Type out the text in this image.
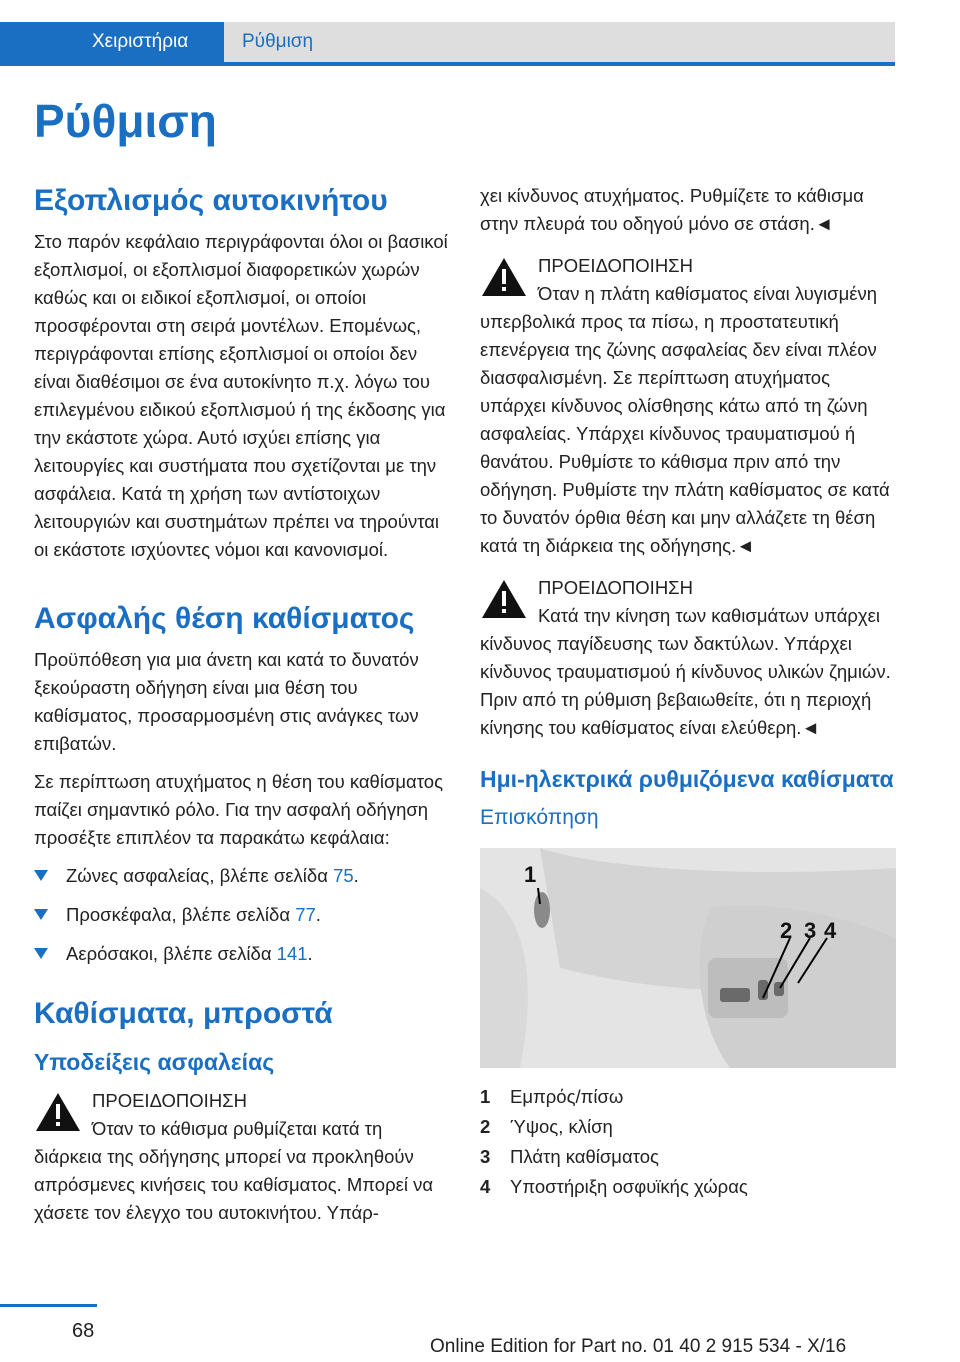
Χειριστήρια	Ρύθμιση
Ρύθμιση
Εξοπλισμός αυτοκινήτου

Στο παρόν κεφάλαιο περιγράφονται όλοι οι βασικοί εξοπλισμοί, οι εξοπλισμοί διαφορετικών χωρών καθώς και οι ειδικοί εξοπλισμοί, οι οποίοι προσφέρονται στη σειρά μοντέλων. Επομένως, περιγράφονται επίσης εξοπλισμοί οι οποίοι δεν είναι διαθέσιμοι σε ένα αυτοκίνητο π.χ. λόγω του επιλεγμένου ειδικού εξοπλισμού ή της έκδοσης για την εκάστοτε χώρα. Αυτό ισχύει επίσης για λειτουργίες και συστήματα που σχετίζονται με την ασφάλεια. Κατά τη χρήση των αντίστοιχων λειτουργιών και συστημάτων πρέπει να τηρούνται οι εκάστοτε ισχύοντες νόμοι και κανονισμοί.

Ασφαλής θέση καθίσματος

Προϋπόθεση για μια άνετη και κατά το δυνατόν ξεκούραστη οδήγηση είναι μια θέση του καθίσματος, προσαρμοσμένη στις ανάγκες των επιβατών.

Σε περίπτωση ατυχήματος η θέση του καθίσματος παίζει σημαντικό ρόλο. Για την ασφαλή οδήγηση προσέξτε επιπλέον τα παρακάτω κεφάλαια:

Ζώνες ασφαλείας, βλέπε σελίδα 75.
Προσκέφαλα, βλέπε σελίδα 77.
Αερόσακοι, βλέπε σελίδα 141.
Καθίσματα, μπροστά
Υποδείξεις ασφαλείας
ΠΡΟΕΙΔΟΠΟΙΗΣΗ

Όταν το κάθισμα ρυθμίζεται κατά τη διάρκεια της οδήγησης μπορεί να προκληθούν απρόσμενες κινήσεις του καθίσματος. Μπορεί να χάσετε τον έλεγχο του αυτοκινήτου. Υπάρ-

χει κίνδυνος ατυχήματος. Ρυθμίζετε το κάθισμα στην πλευρά του οδηγού μόνο σε στάση.◄

ΠΡΟΕΙΔΟΠΟΙΗΣΗ

Όταν η πλάτη καθίσματος είναι λυγισμένη υπερβολικά προς τα πίσω, η προστατευτική επενέργεια της ζώνης ασφαλείας δεν είναι πλέον διασφαλισμένη. Σε περίπτωση ατυχήματος υπάρχει κίνδυνος ολίσθησης κάτω από τη ζώνη ασφαλείας. Υπάρχει κίνδυνος τραυματισμού ή θανάτου. Ρυθμίστε το κάθισμα πριν από την οδήγηση. Ρυθμίστε την πλάτη καθίσματος σε κατά το δυνατόν όρθια θέση και μην αλλάζετε τη θέση κατά τη διάρκεια της οδήγησης.◄

ΠΡΟΕΙΔΟΠΟΙΗΣΗ

Κατά την κίνηση των καθισμάτων υπάρχει κίνδυνος παγίδευσης των δακτύλων. Υπάρχει κίνδυνος τραυματισμού ή κίνδυνος υλικών ζημιών. Πριν από τη ρύθμιση βεβαιωθείτε, ότι η περιοχή κίνησης του καθίσματος είναι ελεύθερη.◄

Ημι-ηλεκτρικά ρυθμιζόμενα καθίσματα
Επισκόπηση
1
2 3 4
1 Εμπρός/πίσω
2 Ύψος, κλίση
3 Πλάτη καθίσματος
4 Υποστήριξη οσφυϊκής χώρας
68
Online Edition for Part no. 01 40 2 915 534 - X/16
